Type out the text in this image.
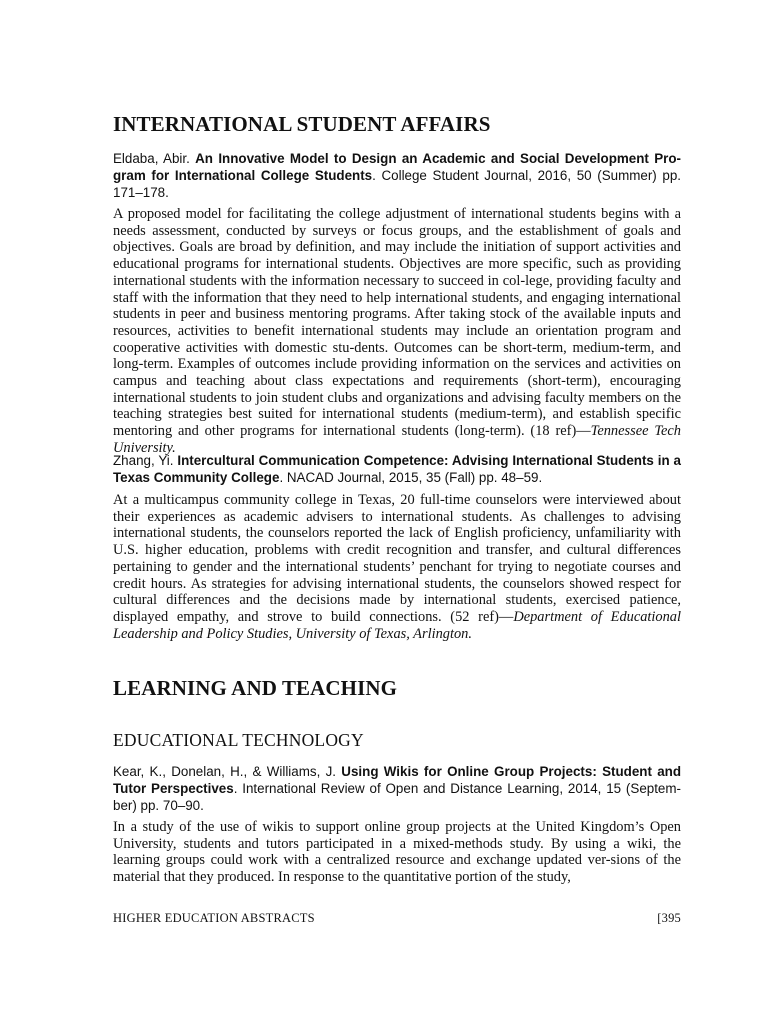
INTERNATIONAL STUDENT AFFAIRS

Eldaba, Abir. An Innovative Model to Design an Academic and Social Development Pro-gram for International College Students. College Student Journal, 2016, 50 (Summer) pp. 171–178.

A proposed model for facilitating the college adjustment of international students begins with a needs assessment, conducted by surveys or focus groups, and the establishment of goals and objectives. Goals are broad by definition, and may include the initiation of support activities and educational programs for international students. Objectives are more specific, such as providing international students with the information necessary to succeed in col-lege, providing faculty and staff with the information that they need to help international students, and engaging international students in peer and business mentoring programs. After taking stock of the available inputs and resources, activities to benefit international students may include an orientation program and cooperative activities with domestic stu-dents. Outcomes can be short-term, medium-term, and long-term. Examples of outcomes include providing information on the services and activities on campus and teaching about class expectations and requirements (short-term), encouraging international students to join student clubs and organizations and advising faculty members on the teaching strategies best suited for international students (medium-term), and establish specific mentoring and other programs for international students (long-term). (18 ref)—Tennessee Tech University.

Zhang, Yi. Intercultural Communication Competence: Advising International Students in a Texas Community College. NACAD Journal, 2015, 35 (Fall) pp. 48–59.

At a multicampus community college in Texas, 20 full-time counselors were interviewed about their experiences as academic advisers to international students. As challenges to advising international students, the counselors reported the lack of English proficiency, unfamiliarity with U.S. higher education, problems with credit recognition and transfer, and cultural differences pertaining to gender and the international students’ penchant for trying to negotiate courses and credit hours. As strategies for advising international students, the counselors showed respect for cultural differences and the decisions made by international students, exercised patience, displayed empathy, and strove to build connections. (52 ref)—Department of Educational Leadership and Policy Studies, University of Texas, Arlington.

LEARNING AND TEACHING
EDUCATIONAL TECHNOLOGY

Kear, K., Donelan, H., & Williams, J. Using Wikis for Online Group Projects: Student and Tutor Perspectives. International Review of Open and Distance Learning, 2014, 15 (Septem-ber) pp. 70–90.

In a study of the use of wikis to support online group projects at the United Kingdom’s Open University, students and tutors participated in a mixed-methods study. By using a wiki, the learning groups could work with a centralized resource and exchange updated ver-sions of the material that they produced. In response to the quantitative portion of the study,

HIGHER EDUCATION ABSTRACTS	[395
